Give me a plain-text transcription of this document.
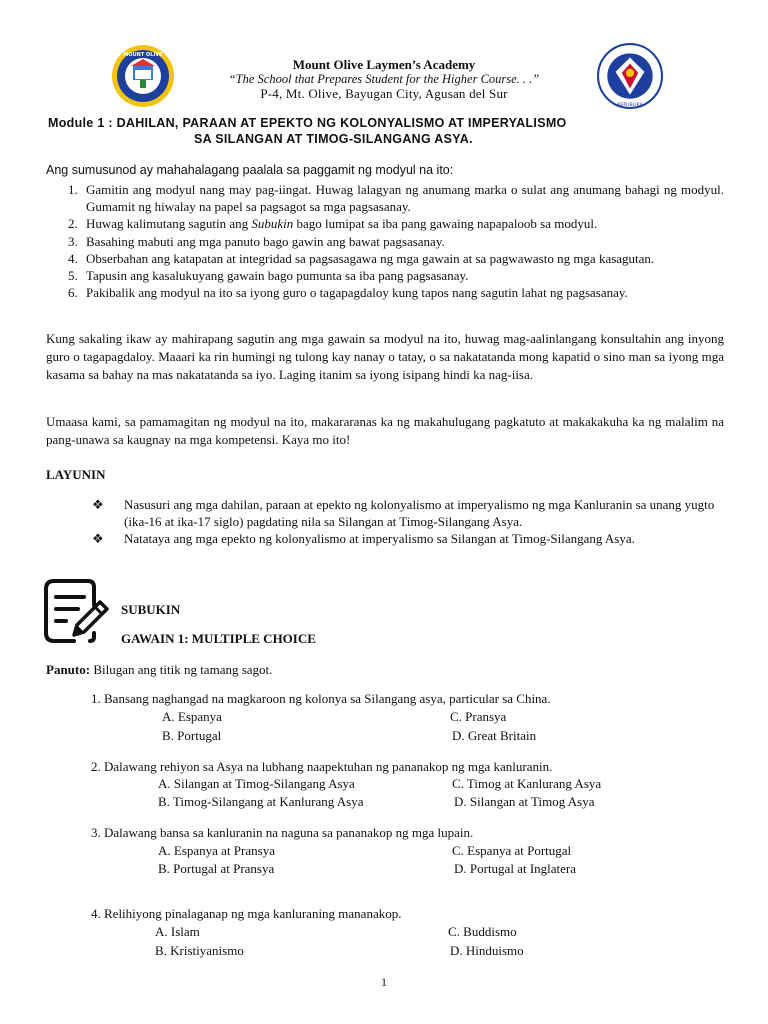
MOUNT OLIVE
REPUBLIKA
Mount Olive Laymen’s Academy
“The School that Prepares Student for the Higher Course. . .”
P-4, Mt. Olive, Bayugan City, Agusan del Sur
Module 1 : DAHILAN, PARAAN AT EPEKTO NG KOLONYALISMO AT IMPERYALISMO
SA SILANGAN AT TIMOG-SILANGANG ASYA.
Ang sumusunod ay mahahalagang paalala sa paggamit ng modyul na ito:
1. Gamitin ang modyul nang may pag-iingat. Huwag lalagyan ng anumang marka o sulat ang anumang bahagi ng modyul. Gumamit ng hiwalay na papel sa pagsagot sa mga pagsasanay.
2. Huwag kalimutang sagutin ang Subukin bago lumipat sa iba pang gawaing napapaloob sa modyul.
3. Basahing mabuti ang mga panuto bago gawin ang bawat pagsasanay.
4. Obserbahan ang katapatan at integridad sa pagsasagawa ng mga gawain at sa pagwawasto ng mga kasagutan.
5. Tapusin ang kasalukuyang gawain bago pumunta sa iba pang pagsasanay.
6. Pakibalik ang modyul na ito sa iyong guro o tagapagdaloy kung tapos nang sagutin lahat ng pagsasanay.
Kung sakaling ikaw ay mahirapang sagutin ang mga gawain sa modyul na ito, huwag mag-aalinlangang konsultahin ang inyong guro o tagapagdaloy. Maaari ka rin humingi ng tulong kay nanay o tatay, o sa nakatatanda mong kapatid o sino man sa iyong mga kasama sa bahay na mas nakatatanda sa iyo. Laging itanim sa iyong isipang hindi ka nag-iisa.
Umaasa kami, sa pamamagitan ng modyul na ito, makararanas ka ng makahulugang pagkatuto at makakakuha ka ng malalim na pang-unawa sa kaugnay na mga kompetensi. Kaya mo ito!
LAYUNIN
❖	Nasusuri ang mga dahilan, paraan at epekto ng kolonyalismo at imperyalismo ng mga Kanluranin sa unang yugto (ika-16 at ika-17 siglo) pagdating nila sa Silangan at Timog-Silangang Asya.
❖	Natataya ang mga epekto ng kolonyalismo at imperyalismo sa Silangan at Timog-Silangang Asya.
SUBUKIN
GAWAIN 1: MULTIPLE CHOICE
Panuto: Bilugan ang titik ng tamang sagot.
1. Bansang naghangad na magkaroon ng kolonya sa Silangang asya, particular sa China.
A. Espanya	C. Pransya
B. Portugal	D. Great Britain
2. Dalawang rehiyon sa Asya na lubhang naapektuhan ng pananakop ng mga kanluranin.
A. Silangan at Timog-Silangang Asya	C. Timog at Kanlurang Asya
B. Timog-Silangang at Kanlurang Asya	D. Silangan at Timog Asya
3. Dalawang bansa sa kanluranin na naguna sa pananakop ng mga lupain.
A. Espanya at Pransya	C. Espanya at Portugal
B. Portugal at Pransya	D. Portugal at Inglatera
4. Relihiyong pinalaganap ng mga kanluraning mananakop.
A. Islam	C. Buddismo
B. Kristiyanismo	D. Hinduismo
1
